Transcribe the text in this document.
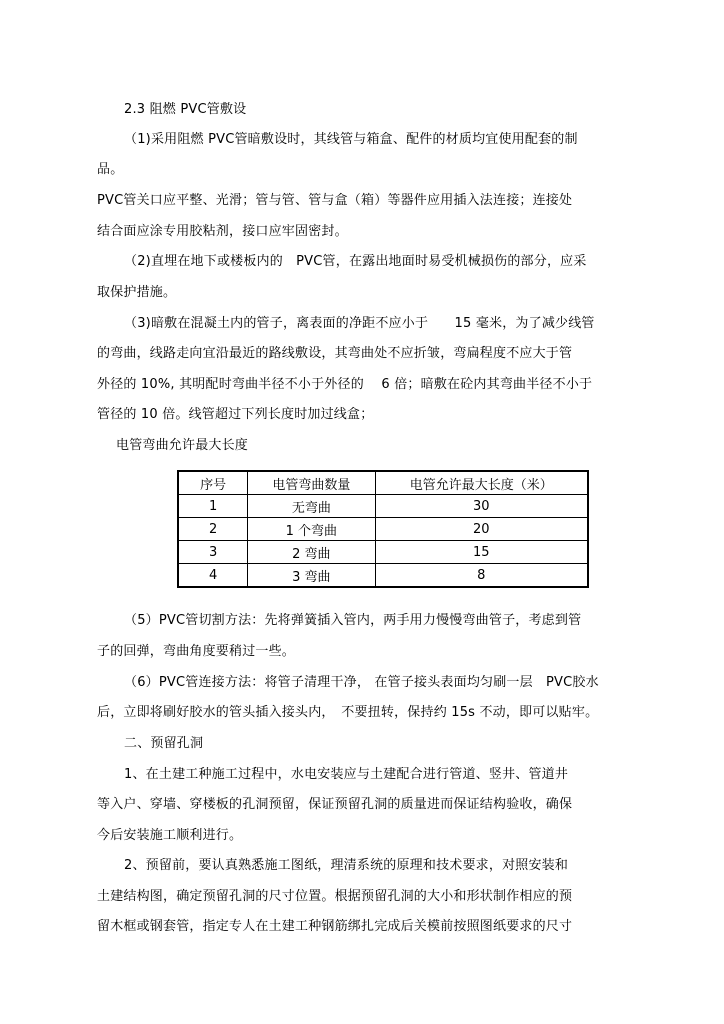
2.3 阻燃 PVC管敷设
（1)采用阻燃 PVC管暗敷设时，其线管与箱盒、配件的材质均宜使用配套的制
品。
PVC管关口应平整、光滑；管与管、管与盒（箱）等器件应用插入法连接；连接处
结合面应涂专用胶粘剂，接口应牢固密封。
（2)直埋在地下或楼板内的　PVC管，在露出地面时易受机械损伤的部分，应采
取保护措施。
（3)暗敷在混凝土内的管子，离表面的净距不应小于　　15 毫米，为了减少线管
的弯曲，线路走向宜沿最近的路线敷设，其弯曲处不应折皱，弯扁程度不应大于管
外径的 10%, 其明配时弯曲半径不小于外径的　 6 倍；暗敷在砼内其弯曲半径不小于
管径的 10 倍。线管超过下列长度时加过线盒；
电管弯曲允许最大长度
序号	电管弯曲数量	电管允许最大长度（米）
1	无弯曲	30
2	1 个弯曲	20
3	2 弯曲	15
4	3 弯曲	8
（5）PVC管切割方法：先将弹簧插入管内，两手用力慢慢弯曲管子，考虑到管
子的回弹，弯曲角度要稍过一些。
（6）PVC管连接方法：将管子清理干净， 在管子接头表面均匀刷一层　PVC胶水
后，立即将刷好胶水的管头插入接头内，　不要扭转，保持约 15s 不动，即可以贴牢。
二、预留孔洞
1、在土建工种施工过程中，水电安装应与土建配合进行管道、竖井、管道井
等入户、穿墙、穿楼板的孔洞预留，保证预留孔洞的质量进而保证结构验收，确保
今后安装施工顺利进行。
2、预留前，要认真熟悉施工图纸，理清系统的原理和技术要求，对照安装和
土建结构图，确定预留孔洞的尺寸位置。根据预留孔洞的大小和形状制作相应的预
留木框或钢套管，指定专人在土建工种钢筋绑扎完成后关模前按照图纸要求的尺寸
